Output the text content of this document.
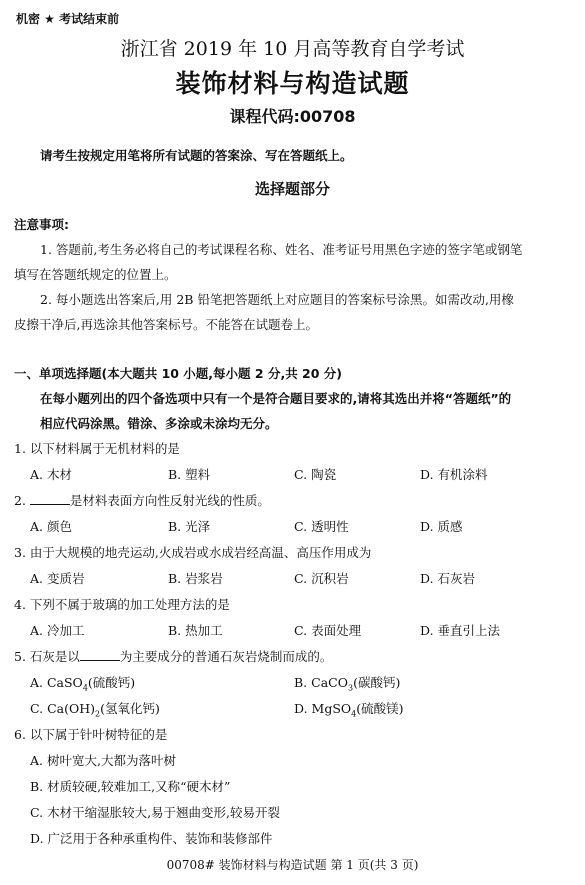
机密 ★ 考试结束前
浙江省 2019 年 10 月高等教育自学考试
装饰材料与构造试题
课程代码:00708
请考生按规定用笔将所有试题的答案涂、写在答题纸上。
选择题部分
注意事项:
1. 答题前,考生务必将自己的考试课程名称、姓名、准考证号用黑色字迹的签字笔或钢笔
填写在答题纸规定的位置上。
2. 每小题选出答案后,用 2B 铅笔把答题纸上对应题目的答案标号涂黑。如需改动,用橡
皮擦干净后,再选涂其他答案标号。不能答在试题卷上。
一、单项选择题(本大题共 10 小题,每小题 2 分,共 20 分)
在每小题列出的四个备选项中只有一个是符合题目要求的,请将其选出并将“答题纸”的
相应代码涂黑。错涂、多涂或未涂均无分。
1. 以下材料属于无机材料的是
A. 木材	B. 塑料	C. 陶瓷	D. 有机涂料
2.	是材料表面方向性反射光线的性质。
A. 颜色	B. 光泽	C. 透明性	D. 质感
3. 由于大规模的地壳运动,火成岩或水成岩经高温、高压作用成为
A. 变质岩	B. 岩浆岩	C. 沉积岩	D. 石灰岩
4. 下列不属于玻璃的加工处理方法的是
A. 冷加工	B. 热加工	C. 表面处理	D. 垂直引上法
5. 石灰是以	为主要成分的普通石灰岩烧制而成的。
A. CaSO$_4$(硫酸钙)	B. CaCO$_3$(碳酸钙)
C. $Ca(OH)_2$(氢氧化钙)	D. MgSO$_4$(硫酸镁)
6. 以下属于针叶树特征的是
A. 树叶宽大,大都为落叶树
B. 材质较硬,较难加工,又称“硬木材”
C. 木材干缩湿胀较大,易于翘曲变形,较易开裂
D. 广泛用于各种承重构件、装饰和装修部件
00708# 装饰材料与构造试题 第 1 页(共 3 页)
